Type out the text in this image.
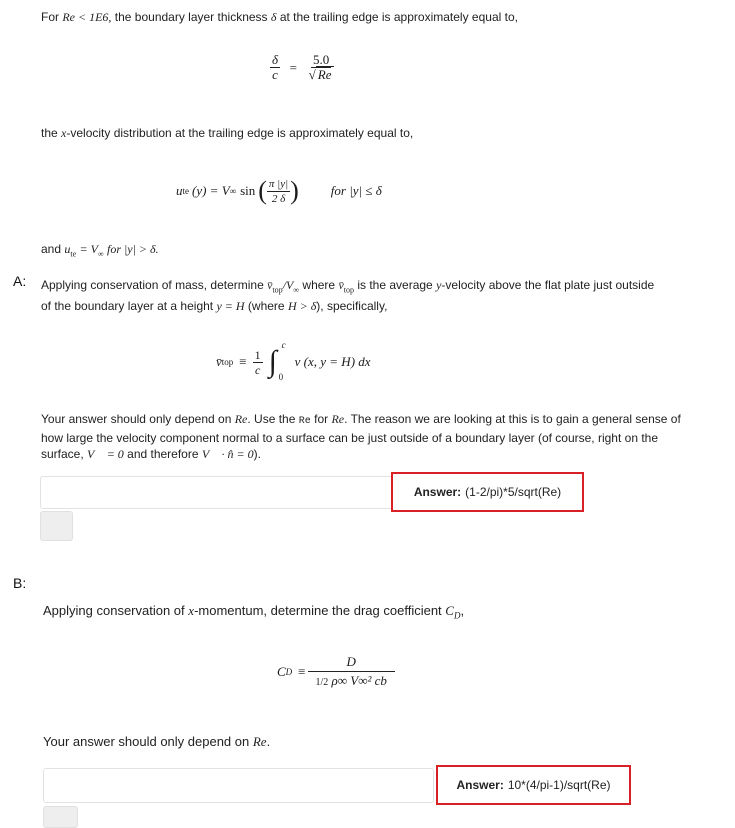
For Re < 1E6, the boundary layer thickness δ at the trailing edge is approximately equal to,
$\frac{\delta}{c} = \frac{5.0}{√ Re}$
the x-velocity distribution at the trailing edge is approximately equal to,
u te (y) = V ∞ sin ( $\frac{\pi |y|}{2 \delta}$ ) for |y| ≤ δ
and $u_{te} = V_\infty$ for |y| > δ.
A: Applying conservation of mass, determine $v̄_{top}/V_\infty$ where $v̄_{top}$ is the average y-velocity above the flat plate just outside
of the boundary layer at a height y = H (where H > δ), specifically,
v̄ top ≡ $\frac{1}{c}$ ∫ c
0
v (x, y = H) dx
Your answer should only depend on Re. Use the Re for Re. The reason we are looking at this is to gain a general sense of
how large the velocity component normal to a surface can be just outside of a boundary layer (of course, right on the
surface, V⃗ = 0 and therefore V⃗ · n̂ = 0).
Answer: (1-2/pi)*5/sqrt(Re)
B:
Applying conservation of x-momentum, determine the drag coefficient $C_D$,
C $D \equiv \frac{D}{\text{1/2 ρ∞ V∞² cb}}$
Your answer should only depend on Re.
Answer: 10*(4/pi-1)/sqrt(Re)
